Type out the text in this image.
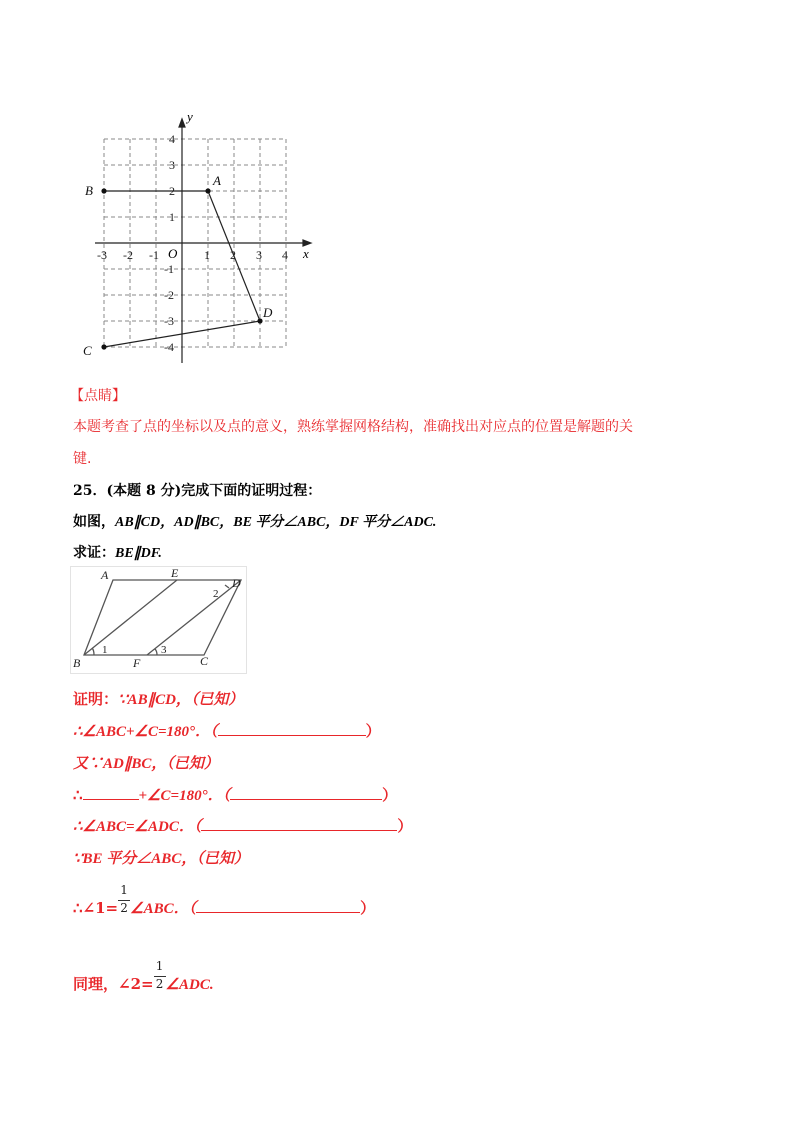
x
y
O
-3 -2 -1	1 2 3 4
4
3
2
1
-1
-2
-3
-4
A
B
C
D
【点睛】
本题考查了点的坐标以及点的意义，熟练掌握网格结构，准确找出对应点的位置是解题的关
键.
25．(本题 8 分)完成下面的证明过程：
如图，AB∥CD，AD∥BC，BE 平分∠ABC，DF 平分∠ADC.
求证：BE∥DF.
A	E
D
B	F	C
1
2
3
证明：∵AB∥CD，（已知）
∴∠ABC+∠C=180°．（	）
又∵AD∥BC，（已知）
∴	+∠C=180°．（	）
∴∠ABC=∠ADC．（	）
∵BE 平分∠ABC，（已知）
∴∠1=
$\frac{1}{2}$
∠ABC．（	）
同理，∠2=
$\frac{1}{2}$
∠ADC.
